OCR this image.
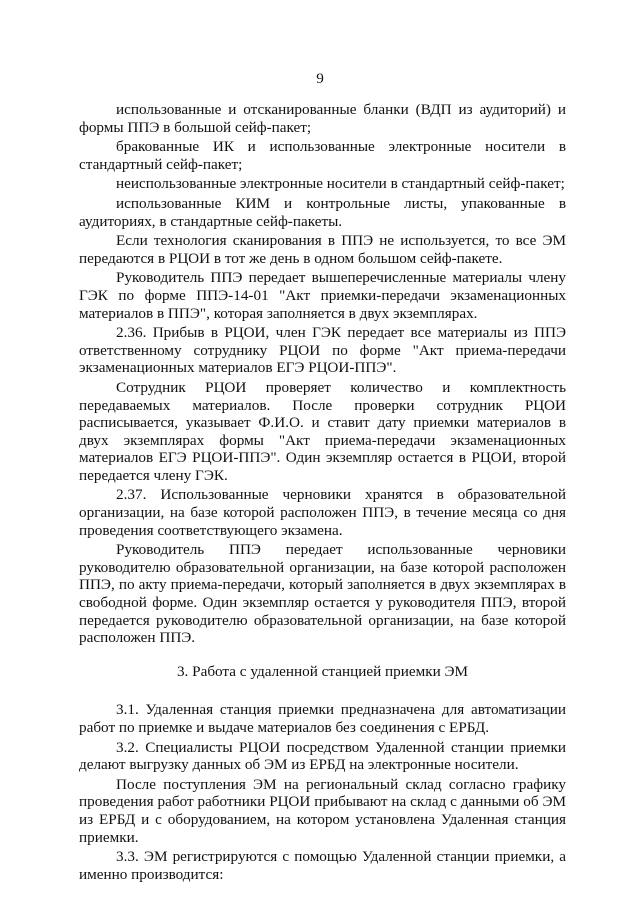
9

использованные и отсканированные бланки (ВДП из аудиторий) и формы ППЭ в большой сейф-пакет;

бракованные ИК и использованные электронные носители в стандартный сейф-пакет;

неиспользованные электронные носители в стандартный сейф-пакет;

использованные КИМ и контрольные листы, упакованные в аудиториях, в стандартные сейф-пакеты.

Если технология сканирования в ППЭ не используется, то все ЭМ передаются в РЦОИ в тот же день в одном большом сейф-пакете.

Руководитель ППЭ передает вышеперечисленные материалы члену ГЭК по форме ППЭ-14-01 "Акт приемки-передачи экзаменационных материалов в ППЭ", которая заполняется в двух экземплярах.

2.36. Прибыв в РЦОИ, член ГЭК передает все материалы из ППЭ ответственному сотруднику РЦОИ по форме "Акт приема-передачи экзаменационных материалов ЕГЭ РЦОИ-ППЭ".

Сотрудник РЦОИ проверяет количество и комплектность передаваемых материалов. После проверки сотрудник РЦОИ расписывается, указывает Ф.И.О. и ставит дату приемки материалов в двух экземплярах формы "Акт приема-передачи экзаменационных материалов ЕГЭ РЦОИ-ППЭ". Один экземпляр остается в РЦОИ, второй передается члену ГЭК.

2.37. Использованные черновики хранятся в образовательной организации, на базе которой расположен ППЭ, в течение месяца со дня проведения соответствующего экзамена.

Руководитель ППЭ передает использованные черновики руководителю образовательной организации, на базе которой расположен ППЭ, по акту приема-передачи, который заполняется в двух экземплярах в свободной форме. Один экземпляр остается у руководителя ППЭ, второй передается руководителю образовательной организации, на базе которой расположен ППЭ.

3. Работа с удаленной станцией приемки ЭМ

3.1. Удаленная станция приемки предназначена для автоматизации работ по приемке и выдаче материалов без соединения с ЕРБД.

3.2. Специалисты РЦОИ посредством Удаленной станции приемки делают выгрузку данных об ЭМ из ЕРБД на электронные носители.

После поступления ЭМ на региональный склад согласно графику проведения работ работники РЦОИ прибывают на склад с данными об ЭМ из ЕРБД и с оборудованием, на котором установлена Удаленная станция приемки.

3.3. ЭМ регистрируются с помощью Удаленной станции приемки, а именно производится:
